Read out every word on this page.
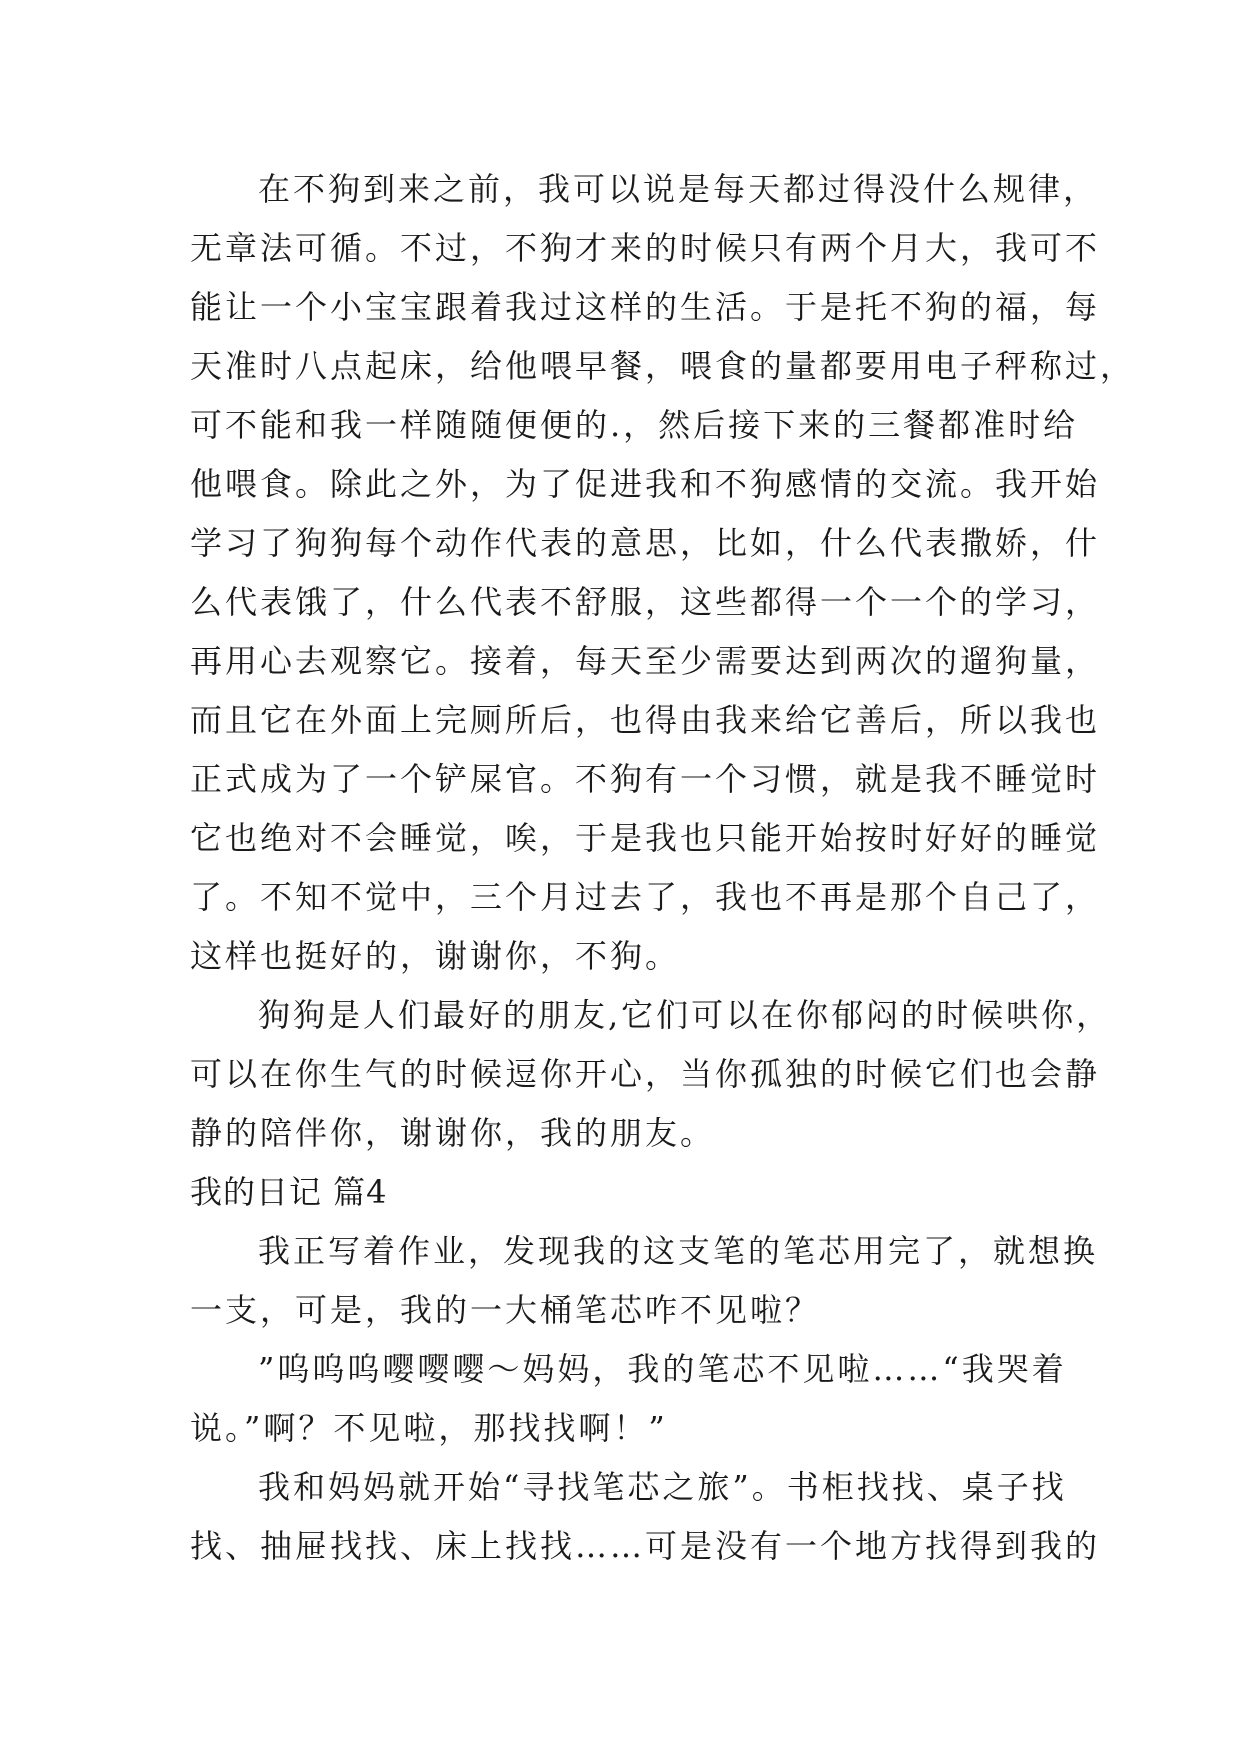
在不狗到来之前，我可以说是每天都过得没什么规律，
无章法可循。不过，不狗才来的时候只有两个月大，我可不
能让一个小宝宝跟着我过这样的生活。于是托不狗的福，每
天准时八点起床，给他喂早餐，喂食的量都要用电子秤称过，
可不能和我一样随随便便的.，然后接下来的三餐都准时给
他喂食。除此之外，为了促进我和不狗感情的交流。我开始
学习了狗狗每个动作代表的意思，比如，什么代表撒娇，什
么代表饿了，什么代表不舒服，这些都得一个一个的学习，
再用心去观察它。接着，每天至少需要达到两次的遛狗量，
而且它在外面上完厕所后，也得由我来给它善后，所以我也
正式成为了一个铲屎官。不狗有一个习惯，就是我不睡觉时
它也绝对不会睡觉，唉，于是我也只能开始按时好好的睡觉
了。不知不觉中，三个月过去了，我也不再是那个自己了，
这样也挺好的，谢谢你，不狗。
狗狗是人们最好的朋友,它们可以在你郁闷的时候哄你，
可以在你生气的时候逗你开心，当你孤独的时候它们也会静
静的陪伴你，谢谢你，我的朋友。
我的日记 篇4
我正写着作业，发现我的这支笔的笔芯用完了，就想换
一支，可是，我的一大桶笔芯咋不见啦？
”呜呜呜嘤嘤嘤～妈妈，我的笔芯不见啦……“我哭着
说。”啊？不见啦，那找找啊！”
我和妈妈就开始“寻找笔芯之旅”。书柜找找、桌子找
找、抽屉找找、床上找找……可是没有一个地方找得到我的
